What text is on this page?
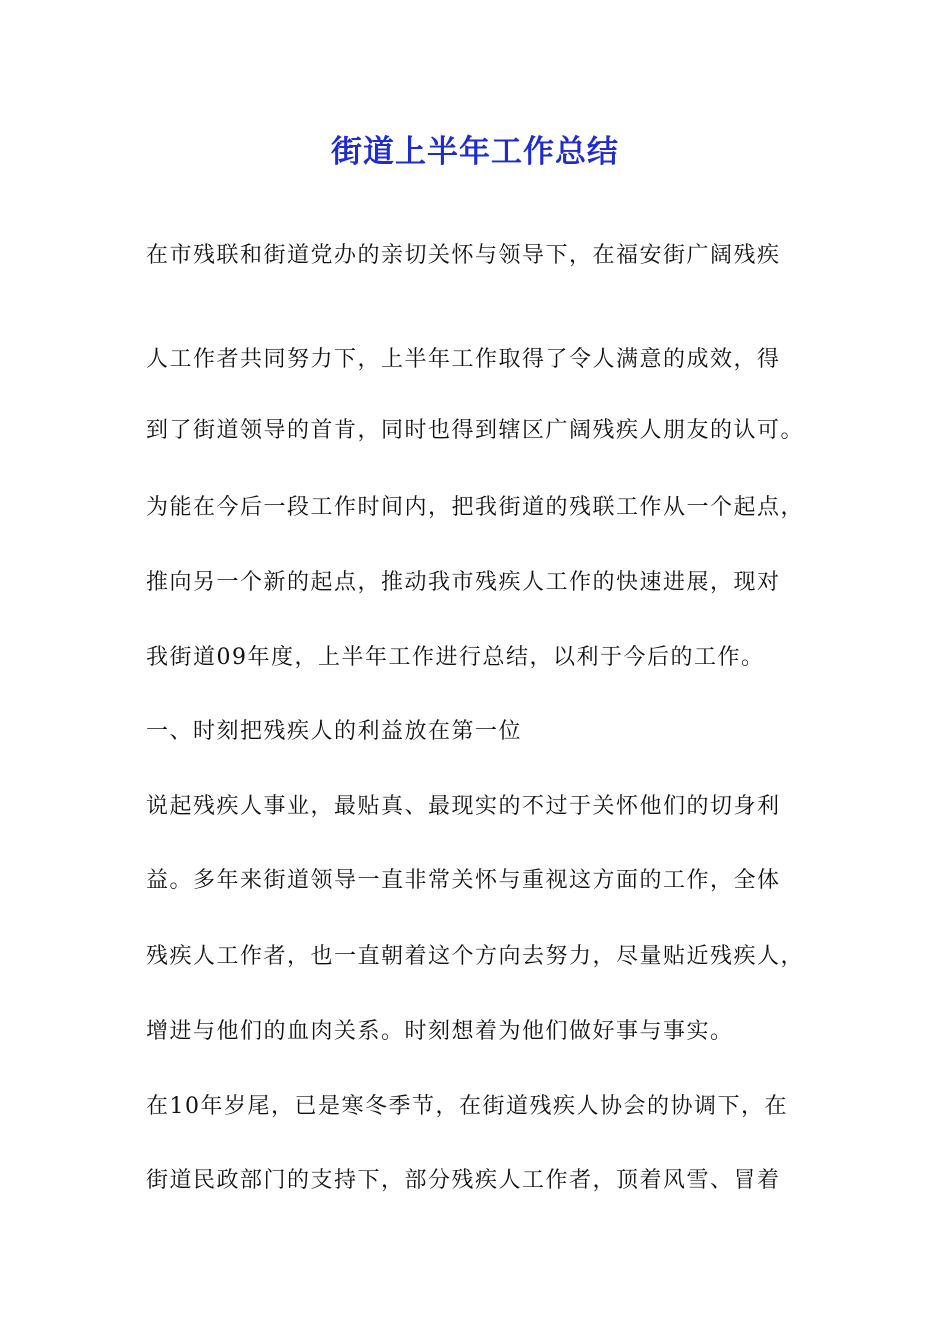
街道上半年工作总结

在市残联和街道党办的亲切关怀与领导下，在福安街广阔残疾

人工作者共同努力下，上半年工作取得了令人满意的成效，得

到了街道领导的首肯，同时也得到辖区广阔残疾人朋友的认可。

为能在今后一段工作时间内，把我街道的残联工作从一个起点，

推向另一个新的起点，推动我市残疾人工作的快速进展，现对

我街道09年度，上半年工作进行总结，以利于今后的工作。

一、时刻把残疾人的利益放在第一位

说起残疾人事业，最贴真、最现实的不过于关怀他们的切身利

益。多年来街道领导一直非常关怀与重视这方面的工作，全体

残疾人工作者，也一直朝着这个方向去努力，尽量贴近残疾人，

增进与他们的血肉关系。时刻想着为他们做好事与事实。

在10年岁尾，已是寒冬季节，在街道残疾人协会的协调下，在

街道民政部门的支持下，部分残疾人工作者，顶着风雪、冒着
